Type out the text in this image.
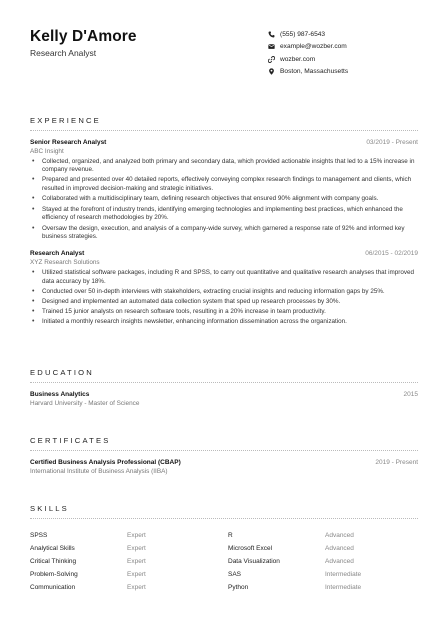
Kelly D'Amore
Research Analyst
(555) 987-6543
example@wozber.com
wozber.com
Boston, Massachusetts
EXPERIENCE
Senior Research Analyst	03/2019 - Present
ABC Insight
• Collected, organized, and analyzed both primary and secondary data, which provided actionable insights that led to a 15% increase in company revenue.
• Prepared and presented over 40 detailed reports, effectively conveying complex research findings to management and clients, which resulted in improved decision-making and strategic initiatives.
• Collaborated with a multidisciplinary team, defining research objectives that ensured 90% alignment with company goals.
• Stayed at the forefront of industry trends, identifying emerging technologies and implementing best practices, which enhanced the efficiency of research methodologies by 20%.
• Oversaw the design, execution, and analysis of a company-wide survey, which garnered a response rate of 92% and informed key business strategies.
Research Analyst	06/2015 - 02/2019
XYZ Research Solutions
• Utilized statistical software packages, including R and SPSS, to carry out quantitative and qualitative research analyses that improved data accuracy by 18%.
• Conducted over 50 in-depth interviews with stakeholders, extracting crucial insights and reducing information gaps by 25%.
• Designed and implemented an automated data collection system that sped up research processes by 30%.
• Trained 15 junior analysts on research software tools, resulting in a 20% increase in team productivity.
• Initiated a monthly research insights newsletter, enhancing information dissemination across the organization.
EDUCATION
Business Analytics	2015
Harvard University - Master of Science
CERTIFICATES
Certified Business Analysis Professional (CBAP)	2019 - Present
International Institute of Business Analysis (IIBA)
SKILLS
SPSS	Expert	R	Advanced
Analytical Skills	Expert	Microsoft Excel	Advanced
Critical Thinking	Expert	Data Visualization	Advanced
Problem-Solving	Expert	SAS	Intermediate
Communication	Expert	Python	Intermediate
